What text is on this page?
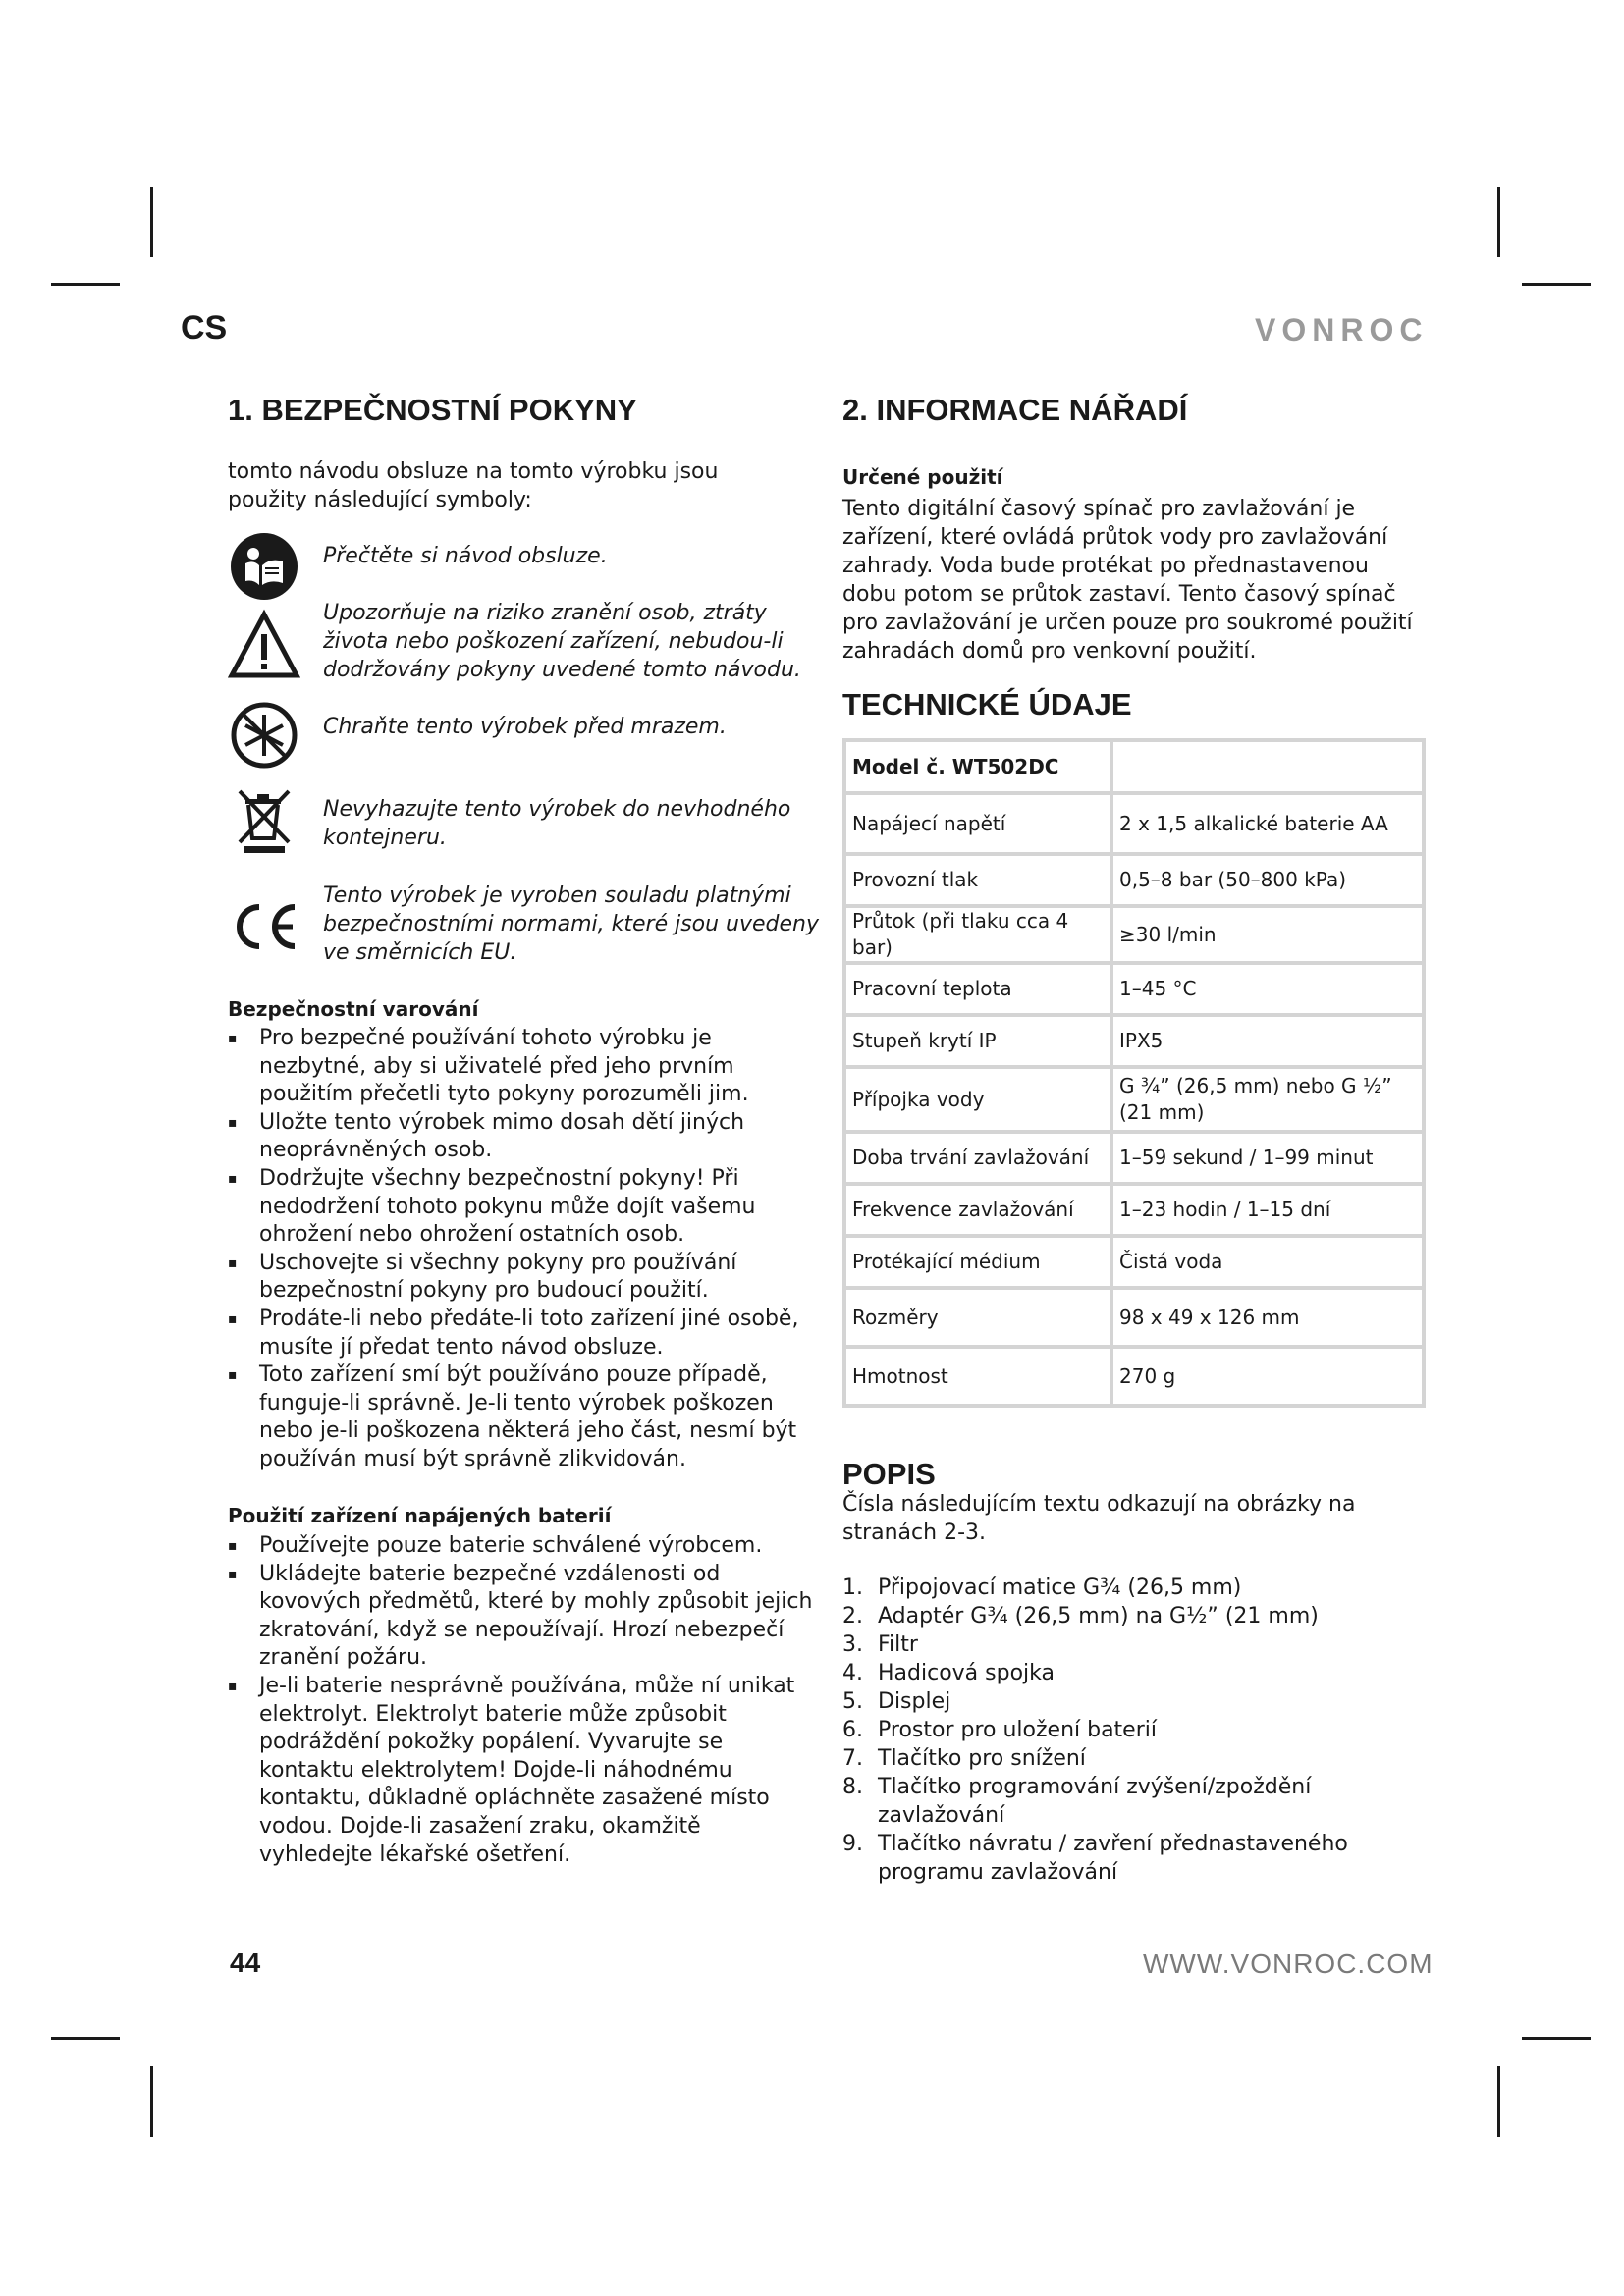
CS	VONROC
1. BEZPEČNOSTNÍ POKYNY
tomto návodu obsluze na tomto výrobku jsou použity následující symboly:
Přečtěte si návod obsluze.
Upozorňuje na riziko zranění osob, ztráty života nebo poškození zařízení, nebudou-li dodržovány pokyny uvedené tomto návodu.
Chraňte tento výrobek před mrazem.
Nevyhazujte tento výrobek do nevhodného kontejneru.
Tento výrobek je vyroben souladu platnými bezpečnostními normami, které jsou uvedeny ve směrnicích EU.
Bezpečnostní varování
▪ Pro bezpečné používání tohoto výrobku je nezbytné, aby si uživatelé před jeho prvním použitím přečetli tyto pokyny porozuměli jim.
▪ Uložte tento výrobek mimo dosah dětí jiných neoprávněných osob.
▪ Dodržujte všechny bezpečnostní pokyny! Při nedodržení tohoto pokynu může dojít vašemu ohrožení nebo ohrožení ostatních osob.
▪ Uschovejte si všechny pokyny pro používání bezpečnostní pokyny pro budoucí použití.
▪ Prodáte-li nebo předáte-li toto zařízení jiné osobě, musíte jí předat tento návod obsluze.
▪ Toto zařízení smí být používáno pouze případě, funguje-li správně. Je-li tento výrobek poškozen nebo je-li poškozena některá jeho část, nesmí být používán musí být správně zlikvidován.
Použití zařízení napájených baterií
▪ Používejte pouze baterie schválené výrobcem.
▪ Ukládejte baterie bezpečné vzdálenosti od kovových předmětů, které by mohly způsobit jejich zkratování, když se nepoužívají. Hrozí nebezpečí zranění požáru.
▪ Je-li baterie nesprávně používána, může ní unikat elektrolyt. Elektrolyt baterie může způsobit podráždění pokožky popálení. Vyvarujte se kontaktu elektrolytem! Dojde-li náhodnému kontaktu, důkladně opláchněte zasažené místo vodou. Dojde-li zasažení zraku, okamžitě vyhledejte lékařské ošetření.
2. INFORMACE NÁŘADÍ
Určené použití
Tento digitální časový spínač pro zavlažování je zařízení, které ovládá průtok vody pro zavlažování zahrady. Voda bude protékat po přednastavenou dobu potom se průtok zastaví. Tento časový spínač pro zavlažování je určen pouze pro soukromé použití zahradách domů pro venkovní použití.
TECHNICKÉ ÚDAJE
Model č. WT502DC	
Napájecí napětí	2 x 1,5 alkalické baterie AA
Provozní tlak	0,5–8 bar (50–800 kPa)
Průtok (při tlaku cca 4 bar)	≥30 l/min
Pracovní teplota	1–45 °C
Stupeň krytí IP	IPX5
Přípojka vody	G ¾” (26,5 mm) nebo G ½” (21 mm)
Doba trvání zavlažování	1–59 sekund / 1–99 minut
Frekvence zavlažování	1–23 hodin / 1–15 dní
Protékající médium	Čistá voda
Rozměry	98 x 49 x 126 mm
Hmotnost	270 g
POPIS
Čísla následujícím textu odkazují na obrázky na stranách 2-3.
1. Připojovací matice G¾ (26,5 mm)
2. Adaptér G¾ (26,5 mm) na G½” (21 mm)
3. Filtr
4. Hadicová spojka
5. Displej
6. Prostor pro uložení baterií
7. Tlačítko pro snížení
8. Tlačítko programování zvýšení/zpoždění zavlažování
9. Tlačítko návratu / zavření přednastaveného programu zavlažování
44	WWW.VONROC.COM
